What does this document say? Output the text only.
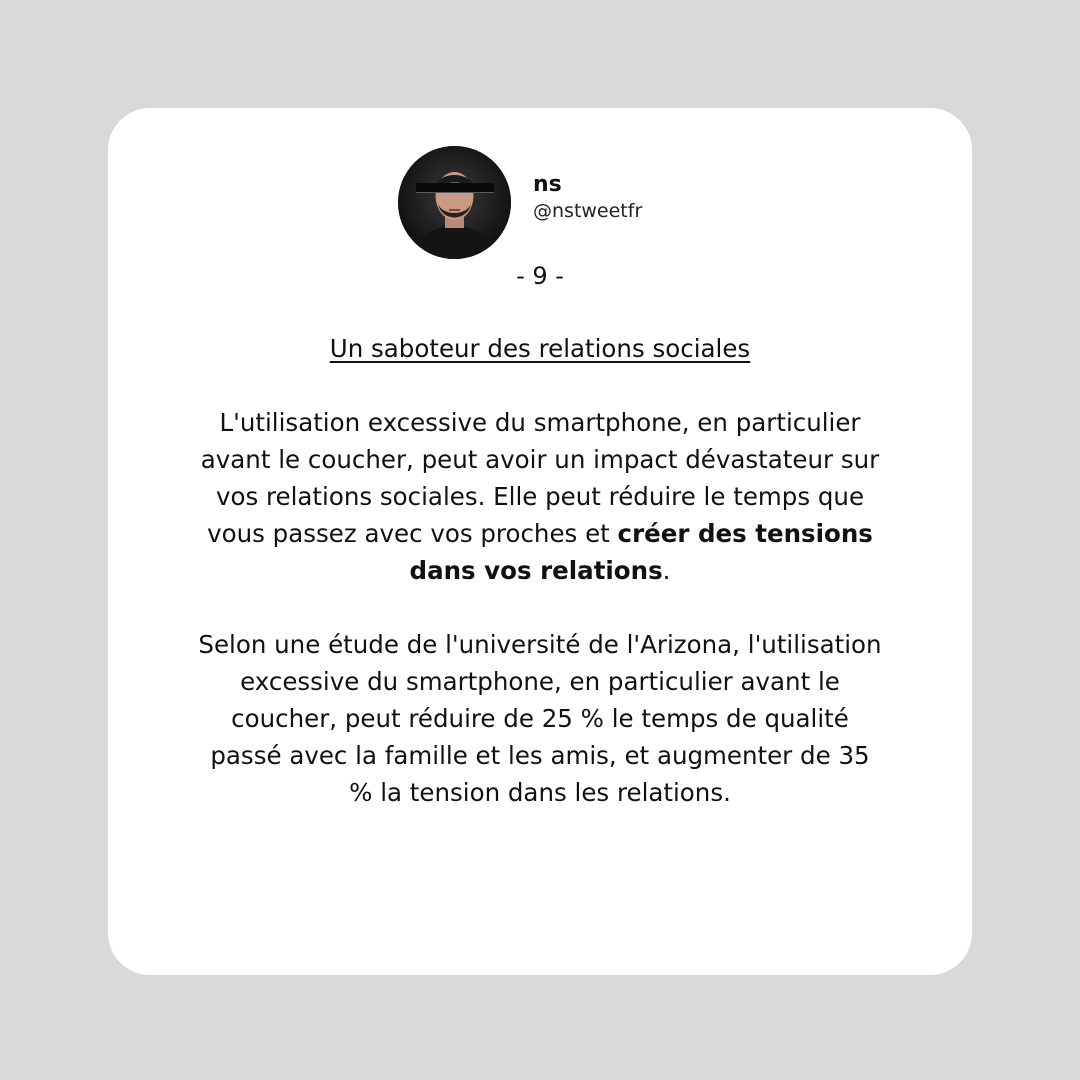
ns
@nstweetfr
- 9 -

Un saboteur des relations sociales

L'utilisation excessive du smartphone, en particulier avant le coucher, peut avoir un impact dévastateur sur vos relations sociales. Elle peut réduire le temps que vous passez avec vos proches et créer des tensions dans vos relations.

Selon une étude de l'université de l'Arizona, l'utilisation excessive du smartphone, en particulier avant le coucher, peut réduire de 25 % le temps de qualité passé avec la famille et les amis, et augmenter de 35 % la tension dans les relations.
